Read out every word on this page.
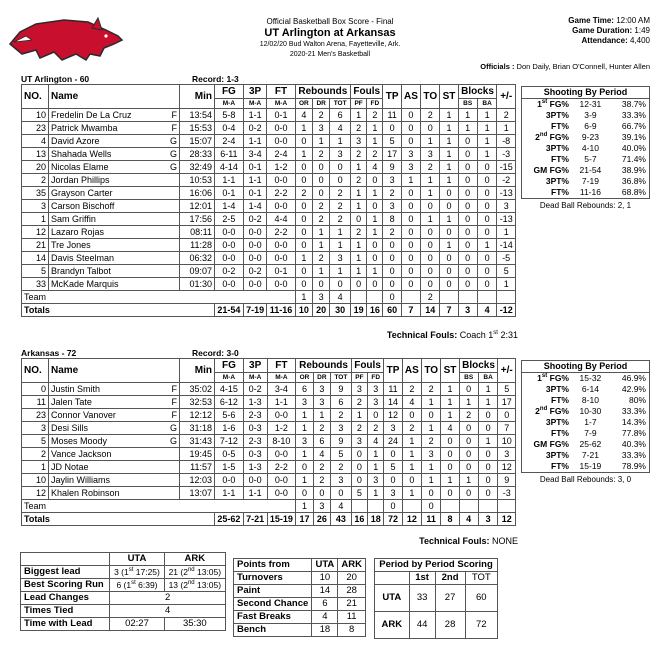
Official Basketball Box Score - Final
UT Arlington at Arkansas
12/02/20 Bud Walton Arena, Fayetteville, Ark.
2020-21 Men's Basketball
Game Time: 12:00 AM
Game Duration: 1:49
Attendance: 4,400
Officials : Don Daily, Brian O'Connell, Hunter Allen
UT Arlington - 60	Record: 1-3
NO.	Name	Min	FG	3P	FT	Rebounds			Fouls		TP	AS	TO	ST	Blocks		+/-
			M-A	M-A	M-A	OR	DR	TOT	PF	FD					BS	BA	
10	Fredelin De La Cruz F	13:54	5-8	1-1	0-1	4	2	6	1	2	11	0	2	1	1	1	2
23	Patrick Mwamba F	15:53	0-4	0-2	0-0	1	3	4	2	1	0	0	0	1	1	1	1
4	David Azore G	15:07	2-4	1-1	0-0	0	1	1	3	1	5	0	1	1	0	1	-8
13	Shahada Wells G	28:33	6-11	3-4	2-4	1	2	3	2	2	17	3	3	1	0	1	-3
20	Nicolas Elame G	32:49	4-14	0-1	1-2	0	0	0	1	4	9	3	2	1	0	0	-15
2	Jordan Phillips	10:53	1-1	1-1	0-0	0	0	0	2	0	3	1	1	1	0	0	-2
35	Grayson Carter	16:06	0-1	0-1	2-2	2	0	2	1	1	2	0	1	0	0	0	-13
3	Carson Bischoff	12:01	1-4	1-4	0-0	0	2	2	1	0	3	0	0	0	0	0	3
1	Sam Griffin	17:56	2-5	0-2	4-4	0	2	2	0	1	8	0	1	1	0	0	-13
12	Lazaro Rojas	08:11	0-0	0-0	2-2	0	1	1	2	1	2	0	0	0	0	0	1
21	Tre Jones	11:28	0-0	0-0	0-0	0	1	1	1	0	0	0	0	1	0	1	-14
14	Davis Steelman	06:32	0-0	0-0	0-0	1	2	3	1	0	0	0	0	0	0	0	-5
5	Brandyn Talbot	09:07	0-2	0-2	0-1	0	1	1	1	1	0	0	0	0	0	0	5
33	McKade Marquis	01:30	0-0	0-0	0-0	0	0	0	0	0	0	0	0	0	0	0	1
Team						1	3	4			0		2				
Totals			21-54	7-19	11-16	10	20	30	19	16	60	7	14	7	3	4	-12
Technical Fouls: Coach 1st 2:31
Shooting By Period		
1st FG%	12-31	38.7%
3PT%	3-9	33.3%
FT%	6-9	66.7%
2nd FG%	9-23	39.1%
3PT%	4-10	40.0%
FT%	5-7	71.4%
GM FG%	21-54	38.9%
3PT%	7-19	36.8%
FT%	11-16	68.8%
Dead Ball Rebounds: 2, 1
Arkansas - 72	Record: 3-0
NO.	Name	Min	FG	3P	FT	Rebounds			Fouls		TP	AS	TO	ST	Blocks		+/-
			M-A	M-A	M-A	OR	DR	TOT	PF	FD					BS	BA	
0	Justin Smith F	35:02	4-15	0-2	3-4	6	3	9	3	3	11	2	2	1	0	1	5
11	Jalen Tate F	32:53	6-12	1-3	1-1	3	3	6	2	3	14	4	1	1	1	1	17
23	Connor Vanover F	12:12	5-6	2-3	0-0	1	1	2	1	0	12	0	0	1	2	0	0
3	Desi Sills G	31:18	1-6	0-3	1-2	1	2	3	2	2	3	2	1	4	0	0	7
5	Moses Moody G	31:43	7-12	2-3	8-10	3	6	9	3	4	24	1	2	0	0	1	10
2	Vance Jackson	19:45	0-5	0-3	0-0	1	4	5	0	1	0	1	3	0	0	0	3
1	JD Notae	11:57	1-5	1-3	2-2	0	2	2	0	1	5	1	1	0	0	0	12
10	Jaylin Williams	12:03	0-0	0-0	0-0	1	2	3	0	3	0	0	1	1	1	0	9
12	Khalen Robinson	13:07	1-1	1-1	0-0	0	0	0	5	1	3	1	0	0	0	0	-3
Team						1	3	4			0		0				
Totals			25-62	7-21	15-19	17	26	43	16	18	72	12	11	8	4	3	12
Technical Fouls: NONE
Shooting By Period		
1st FG%	15-32	46.9%
3PT%	6-14	42.9%
FT%	8-10	80%
2nd FG%	10-30	33.3%
3PT%	1-7	14.3%
FT%	7-9	77.8%
GM FG%	25-62	40.3%
3PT%	7-21	33.3%
FT%	15-19	78.9%
Dead Ball Rebounds: 3, 0
	UTA	ARK
Biggest lead	3 (1st 17:25)	21 (2nd 13:05)
Best Scoring Run	6 (1st 6:39)	13 (2nd 13:05)
Lead Changes	2	
Times Tied	4	
Time with Lead	02:27	35:30
Points from	UTA	ARK
Turnovers	10	20
Paint	14	28
Second Chance	6	21
Fast Breaks	4	11
Bench	18	8
Period by Period Scoring			
	1st	2nd	TOT
UTA	33	27	60
ARK	44	28	72
